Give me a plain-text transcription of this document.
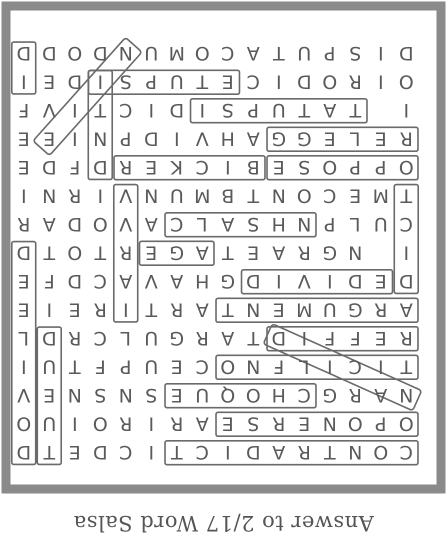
C
O
N
T
R
A
D
I
C
T
I
C
D
E
T
D
O
P
O
N
E
R
S
E
A
R
I
R
O
I
U
O
N
A
R
G
C
H
O
Q
U
E
S
N
S
N
E
V
T
I
C
I
L
F
N
O
C
E
U
P
F
T
U
I
R
E
F
F
I
D
T
A
R
G
U
L
C
R
D
L
A
R
G
U
M
E
N
T
A
R
T
I
R
E
I
E
D
E
D
I
V
I
D
G
H
A
V
A
C
D
F
E
I
N
G
R
A
E
T
A
G
E
R
T
O
T
D
C
U
L
P
N
H
S
A
L
C
A
V
O
D
A
R
T
M
E
C
O
N
T
B
M
U
N
V
I
R
N
I
O
P
P
O
S
E
B
I
C
K
E
R
D
F
D
E
R
E
L
E
G
G
A
H
V
I
D
P
N
I
E
E
I
T
A
T
U
P
S
I
D
I
C
T
I
V
F
O
I
R
O
D
I
C
E
T
U
P
S
I
D
E
I
D
I
S
P
U
T
A
C
O
M
U
N
D
O
D
D
Answer to 2/17 Word Salsa
